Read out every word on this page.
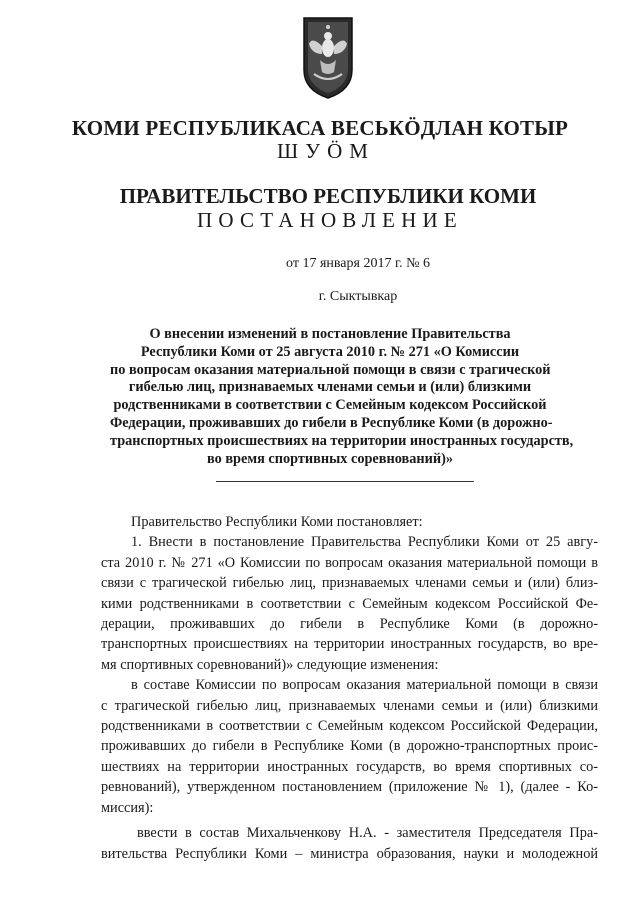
КОМИ РЕСПУБЛИКАСА ВЕСЬКӦДЛАН КОТЫР
ШУӦМ
ПРАВИТЕЛЬСТВО РЕСПУБЛИКИ КОМИ
ПОСТАНОВЛЕНИЕ
от 17 января 2017 г. № 6
г. Сыктывкар
О внесении изменений в постановление Правительства
Республики Коми от 25 августа 2010 г. № 271 «О Комиссии
по вопросам оказания материальной помощи в связи с трагической
гибелью лиц, признаваемых членами семьи и (или) близкими
родственниками в соответствии с Семейным кодексом Российской
Федерации, проживавших до гибели в Республике Коми (в дорожно-
транспортных происшествиях на территории иностранных государств,
во время спортивных соревнований)»
Правительство Республики Коми постановляет:
1. Внести в постановление Правительства Республики Коми от 25 авгу-
ста 2010 г. № 271 «О Комиссии по вопросам оказания материальной помощи в
связи с трагической гибелью лиц, признаваемых членами семьи и (или) близ-
кими родственниками в соответствии с Семейным кодексом Российской Фе-
дерации, проживавших до гибели в Республике Коми (в дорожно-
транспортных происшествиях на территории иностранных государств, во вре-
мя спортивных соревнований)» следующие изменения:
в составе Комиссии по вопросам оказания материальной помощи в связи
с трагической гибелью лиц, признаваемых членами семьи и (или) близкими
родственниками в соответствии с Семейным кодексом Российской Федерации,
проживавших до гибели в Республике Коми (в дорожно-транспортных проис-
шествиях на территории иностранных государств, во время спортивных со-
ревнований), утвержденном постановлением (приложение № 1), (далее - Ко-
миссия):
ввести в состав Михальченкову Н.А. - заместителя Председателя Пра-
вительства Республики Коми – министра образования, науки и молодежной
